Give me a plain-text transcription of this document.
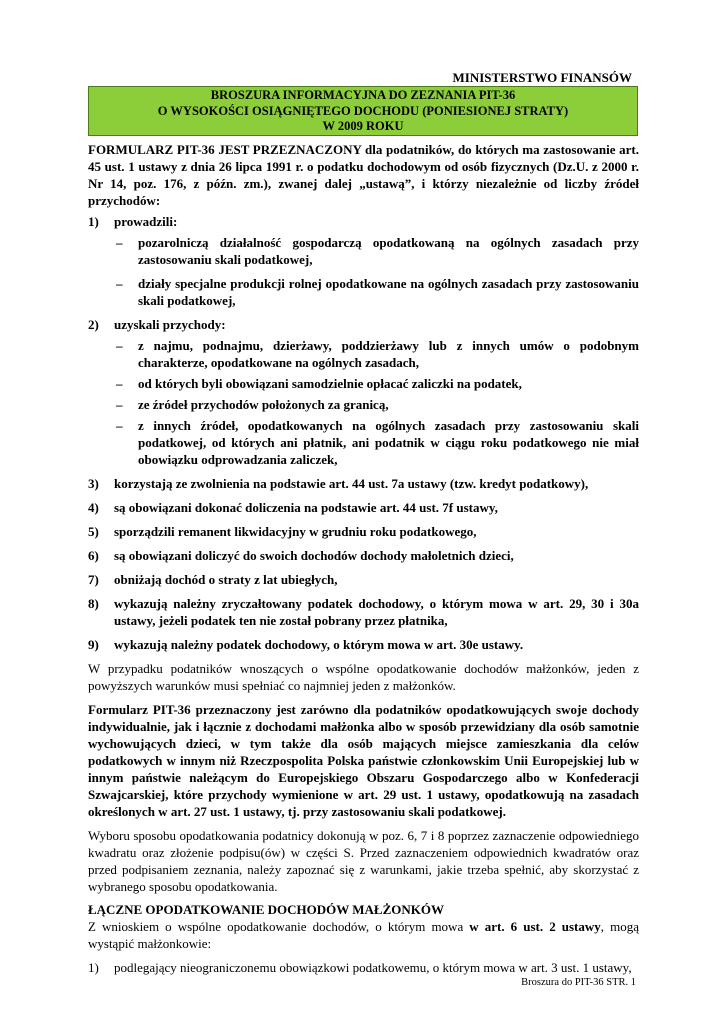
MINISTERSTWO FINANSÓW
BROSZURA INFORMACYJNA DO ZEZNANIA PIT-36
O WYSOKOŚCI OSIĄGNIĘTEGO DOCHODU (PONIESIONEJ STRATY)
W 2009 ROKU

FORMULARZ PIT-36 JEST PRZEZNACZONY dla podatników, do których ma zastosowanie art. 45 ust. 1 ustawy z dnia 26 lipca 1991 r. o podatku dochodowym od osób fizycznych (Dz.U. z 2000 r. Nr 14, poz. 176, z późn. zm.), zwanej dalej „ustawą”, i którzy niezależnie od liczby źródeł przychodów:

1)	prowadzili:
–	pozarolniczą działalność gospodarczą opodatkowaną na ogólnych zasadach przy zastosowaniu skali podatkowej,
–	działy specjalne produkcji rolnej opodatkowane na ogólnych zasadach przy zastosowaniu skali podatkowej,
2)	uzyskali przychody:
–	z najmu, podnajmu, dzierżawy, poddzierżawy lub z innych umów o podobnym charakterze, opodatkowane na ogólnych zasadach,
–	od których byli obowiązani samodzielnie opłacać zaliczki na podatek,
–	ze źródeł przychodów położonych za granicą,
–	z innych źródeł, opodatkowanych na ogólnych zasadach przy zastosowaniu skali podatkowej, od których ani płatnik, ani podatnik w ciągu roku podatkowego nie miał obowiązku odprowadzania zaliczek,
3)	korzystają ze zwolnienia na podstawie art. 44 ust. 7a ustawy (tzw. kredyt podatkowy),
4)	są obowiązani dokonać doliczenia na podstawie art. 44 ust. 7f ustawy,
5)	sporządzili remanent likwidacyjny w grudniu roku podatkowego,
6)	są obowiązani doliczyć do swoich dochodów dochody małoletnich dzieci,
7)	obniżają dochód o straty z lat ubiegłych,
8)	wykazują należny zryczałtowany podatek dochodowy, o którym mowa w art. 29, 30 i 30a ustawy, jeżeli podatek ten nie został pobrany przez płatnika,
9)	wykazują należny podatek dochodowy, o którym mowa w art. 30e ustawy.

W przypadku podatników wnoszących o wspólne opodatkowanie dochodów małżonków, jeden z powyższych warunków musi spełniać co najmniej jeden z małżonków.

Formularz PIT-36 przeznaczony jest zarówno dla podatników opodatkowujących swoje dochody indywidualnie, jak i łącznie z dochodami małżonka albo w sposób przewidziany dla osób samotnie wychowujących dzieci, w tym także dla osób mających miejsce zamieszkania dla celów podatkowych w innym niż Rzeczpospolita Polska państwie członkowskim Unii Europejskiej lub w innym państwie należącym do Europejskiego Obszaru Gospodarczego albo w Konfederacji Szwajcarskiej, które przychody wymienione w art. 29 ust. 1 ustawy, opodatkowują na zasadach określonych w art. 27 ust. 1 ustawy, tj. przy zastosowaniu skali podatkowej.

Wyboru sposobu opodatkowania podatnicy dokonują w poz. 6, 7 i 8 poprzez zaznaczenie odpowiedniego kwadratu oraz złożenie podpisu(ów) w części S. Przed zaznaczeniem odpowiednich kwadratów oraz przed podpisaniem zeznania, należy zapoznać się z warunkami, jakie trzeba spełnić, aby skorzystać z wybranego sposobu opodatkowania.

ŁĄCZNE OPODATKOWANIE DOCHODÓW MAŁŻONKÓW

Z wnioskiem o wspólne opodatkowanie dochodów, o którym mowa w art. 6 ust. 2 ustawy, mogą wystąpić małżonkowie:

1)	podlegający nieograniczonemu obowiązkowi podatkowemu, o którym mowa w art. 3 ust. 1 ustawy,
Broszura do PIT-36 STR. 1
